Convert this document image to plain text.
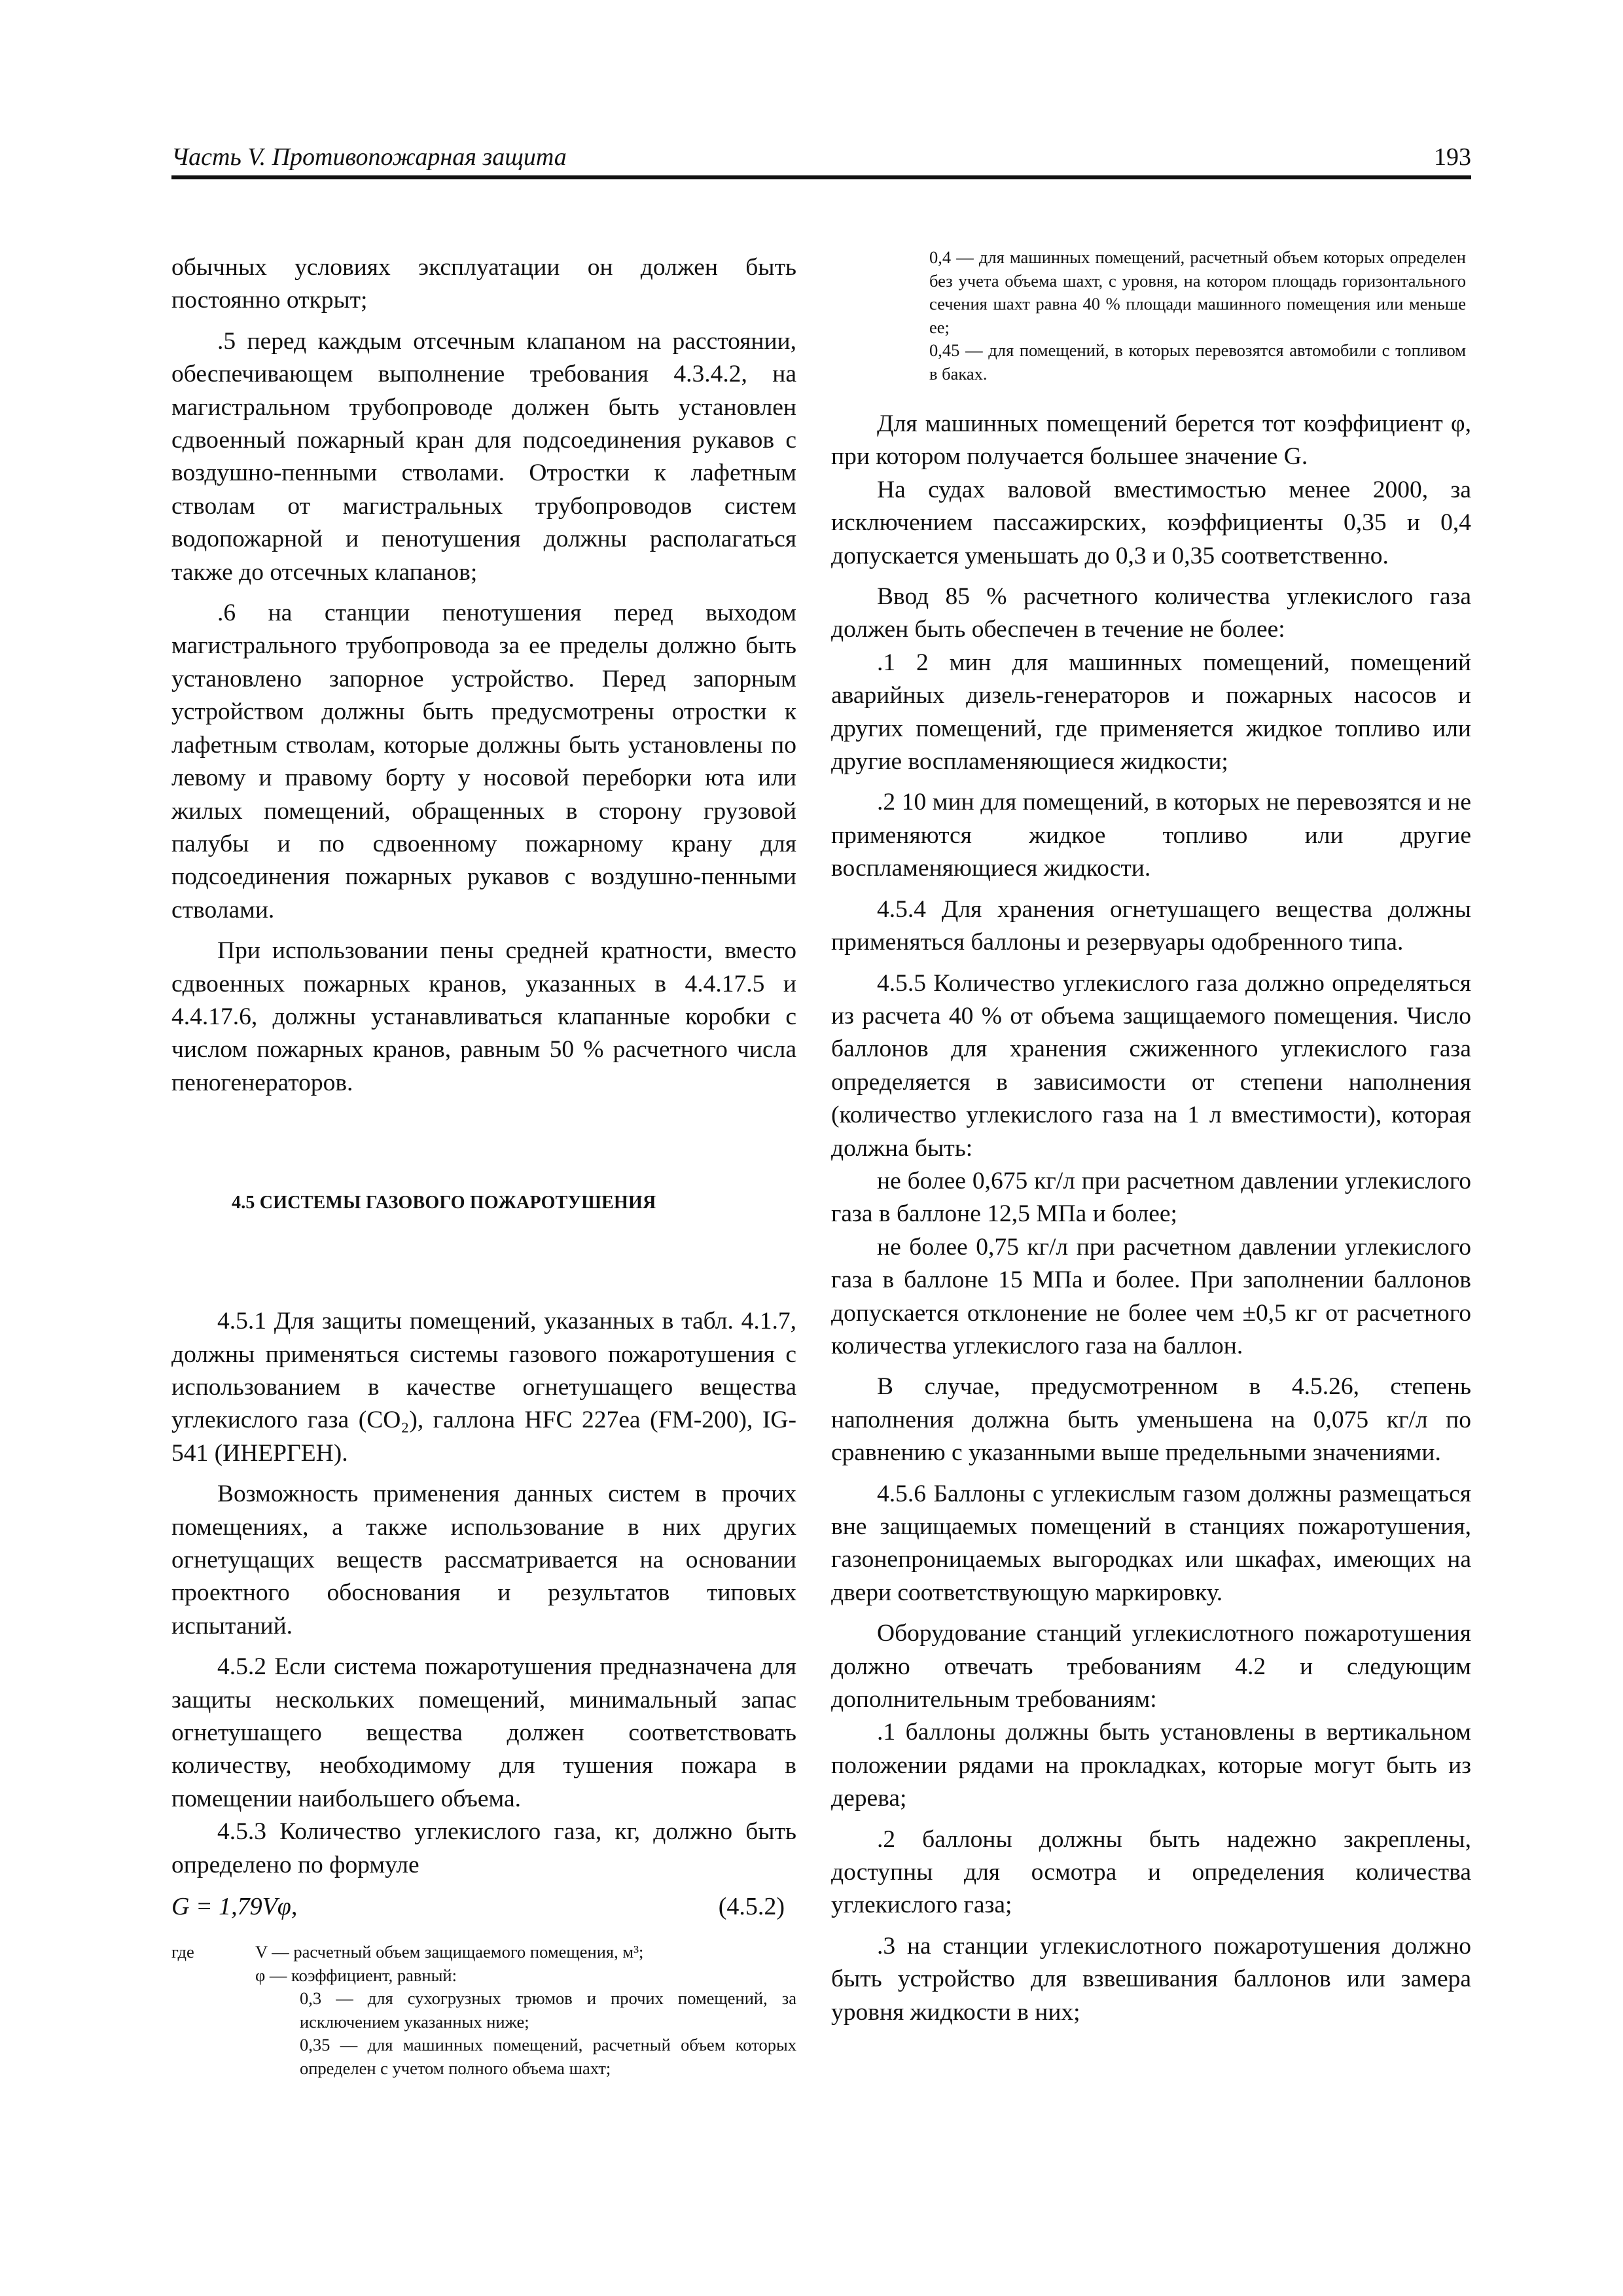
Часть V. Противопожарная защита	193

обычных условиях эксплуатации он должен быть постоянно открыт;

.5 перед каждым отсечным клапаном на расстоянии, обеспечивающем выполнение требования 4.3.4.2, на магистральном трубопроводе должен быть установлен сдвоенный пожарный кран для подсоединения рукавов с воздушно-пенными стволами. Отростки к лафетным стволам от магистральных трубопроводов систем водопожарной и пенотушения должны располагаться также до отсечных клапанов;

.6 на станции пенотушения перед выходом магистрального трубопровода за ее пределы должно быть установлено запорное устройство. Перед запорным устройством должны быть предусмотрены отростки к лафетным стволам, которые должны быть установлены по левому и правому борту у носовой переборки юта или жилых помещений, обращенных в сторону грузовой палубы и по сдвоенному пожарному крану для подсоединения пожарных рукавов с воздушно-пенными стволами.

При использовании пены средней кратности, вместо сдвоенных пожарных кранов, указанных в 4.4.17.5 и 4.4.17.6, должны устанавливаться клапанные коробки с числом пожарных кранов, равным 50 % расчетного числа пеногенераторов.

4.5 СИСТЕМЫ ГАЗОВОГО ПОЖАРОТУШЕНИЯ

4.5.1 Для защиты помещений, указанных в табл. 4.1.7, должны применяться системы газового пожаротушения с использованием в качестве огнетушащего вещества углекислого газа (CO₂), галлона HFC 227ea (FM-200), IG-541 (ИНЕРГЕН).

Возможность применения данных систем в прочих помещениях, а также использование в них других огнетущащих веществ рассматривается на основании проектного обоснования и результатов типовых испытаний.

4.5.2 Если система пожаротушения предназначена для защиты нескольких помещений, минимальный запас огнетушащего вещества должен соответствовать количеству, необходимому для тушения пожара в помещении наибольшего объема.

4.5.3 Количество углекислого газа, кг, должно быть определено по формуле

G = 1,79Vφ,	(4.5.2)
где	V — расчетный объем защищаемого помещения, м³;
φ — коэффициент, равный:
0,3 — для сухогрузных трюмов и прочих помещений, за исключением указанных ниже;
0,35 — для машинных помещений, расчетный объем которых определен с учетом полного объема шахт;
0,4 — для машинных помещений, расчетный объем которых определен без учета объема шахт, с уровня, на котором площадь горизонтального сечения шахт равна 40 % площади машинного помещения или меньше ее;
0,45 — для помещений, в которых перевозятся автомобили с топливом в баках.

Для машинных помещений берется тот коэффициент φ, при котором получается большее значение G.

На судах валовой вместимостью менее 2000, за исключением пассажирских, коэффициенты 0,35 и 0,4 допускается уменьшать до 0,3 и 0,35 соответственно.

Ввод 85 % расчетного количества углекислого газа должен быть обеспечен в течение не более:

.1 2 мин для машинных помещений, помещений аварийных дизель-генераторов и пожарных насосов и других помещений, где применяется жидкое топливо или другие воспламеняющиеся жидкости;

.2 10 мин для помещений, в которых не перевозятся и не применяются жидкое топливо или другие воспламеняющиеся жидкости.

4.5.4 Для хранения огнетушащего вещества должны применяться баллоны и резервуары одобренного типа.

4.5.5 Количество углекислого газа должно определяться из расчета 40 % от объема защищаемого помещения. Число баллонов для хранения сжиженного углекислого газа определяется в зависимости от степени наполнения (количество углекислого газа на 1 л вместимости), которая должна быть:

не более 0,675 кг/л при расчетном давлении углекислого газа в баллоне 12,5 МПа и более;

не более 0,75 кг/л при расчетном давлении углекислого газа в баллоне 15 МПа и более. При заполнении баллонов допускается отклонение не более чем ±0,5 кг от расчетного количества углекислого газа на баллон.

В случае, предусмотренном в 4.5.26, степень наполнения должна быть уменьшена на 0,075 кг/л по сравнению с указанными выше предельными значениями.

4.5.6 Баллоны с углекислым газом должны размещаться вне защищаемых помещений в станциях пожаротушения, газонепроницаемых выгородках или шкафах, имеющих на двери соответствующую маркировку.

Оборудование станций углекислотного пожаротушения должно отвечать требованиям 4.2 и следующим дополнительным требованиям:

.1 баллоны должны быть установлены в вертикальном положении рядами на прокладках, которые могут быть из дерева;

.2 баллоны должны быть надежно закреплены, доступны для осмотра и определения количества углекислого газа;

.3 на станции углекислотного пожаротушения должно быть устройство для взвешивания баллонов или замера уровня жидкости в них;
